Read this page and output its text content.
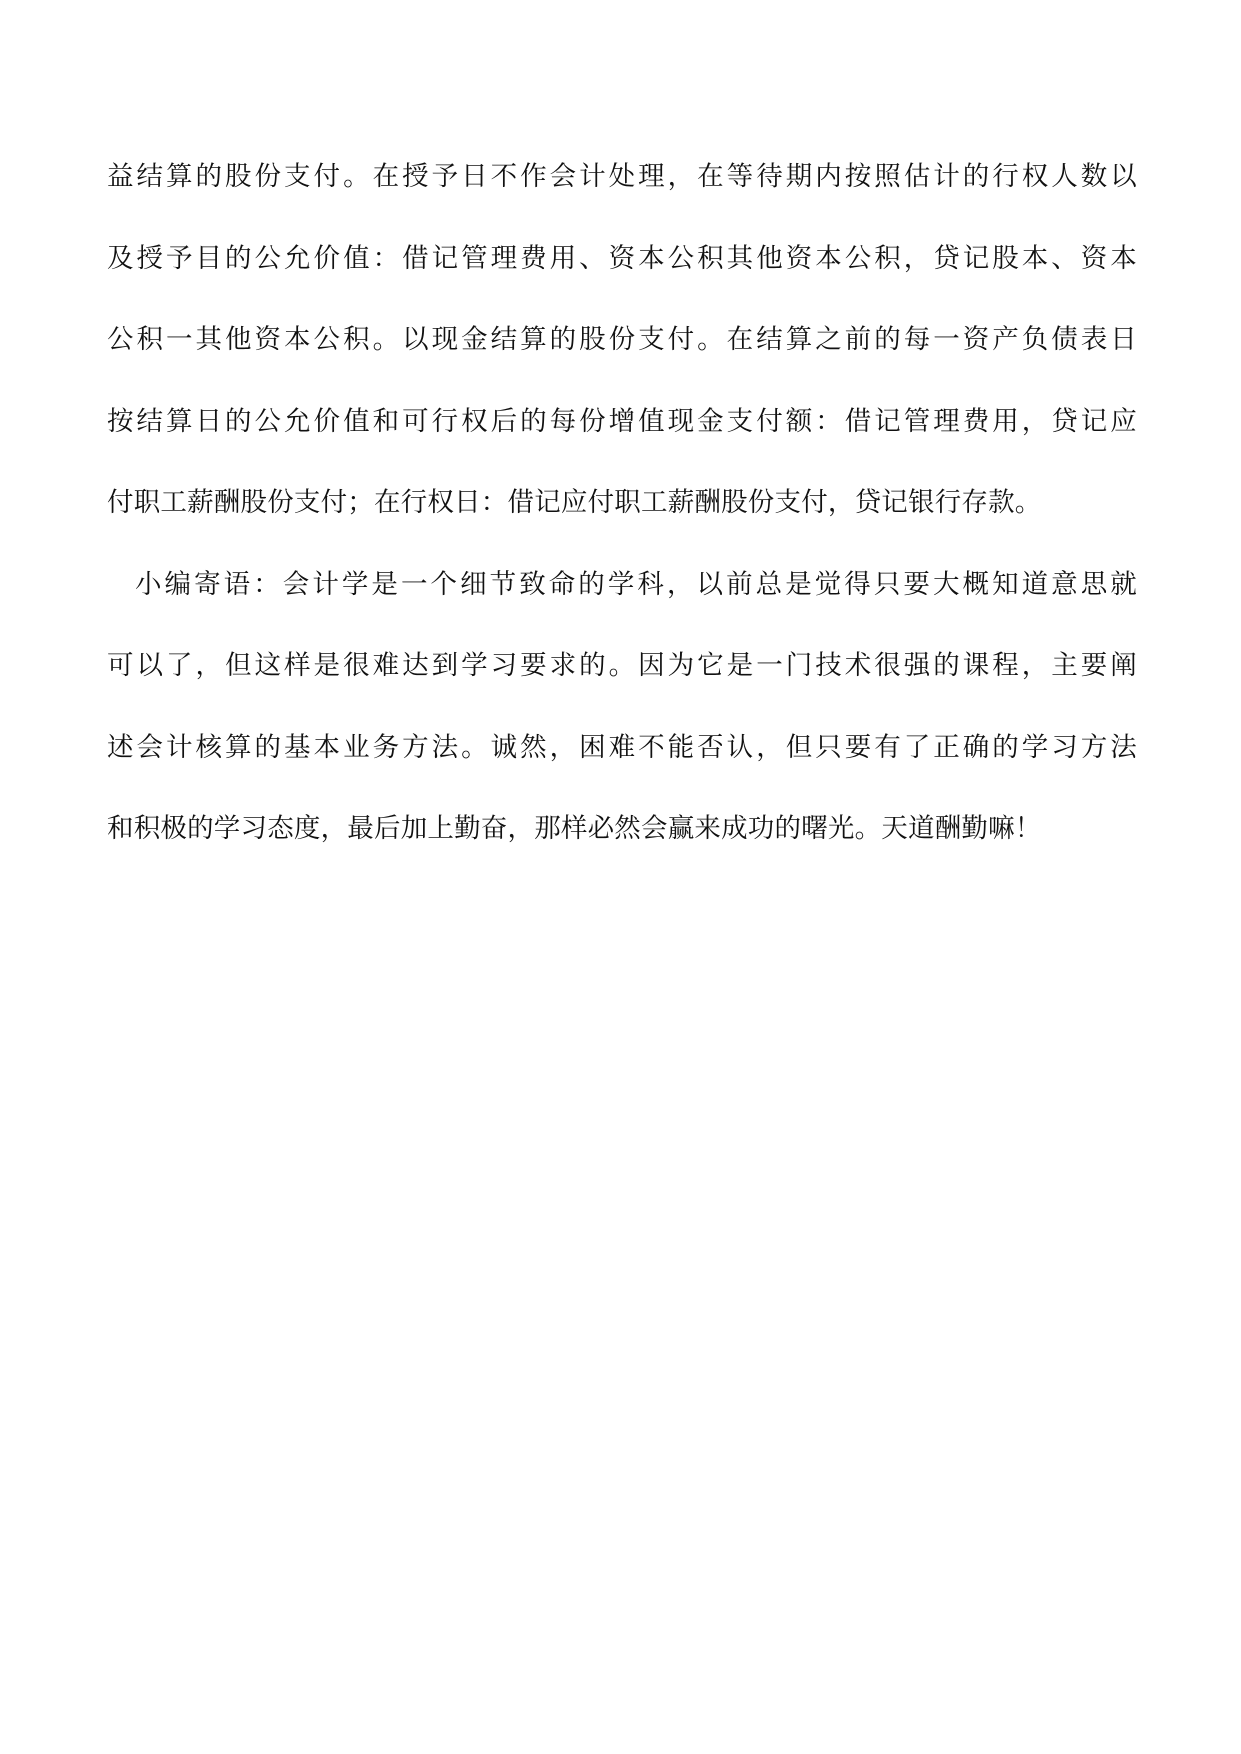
益结算的股份支付。在授予日不作会计处理，在等待期内按照估计的行权人数以
及授予目的公允价值：借记管理费用、资本公积其他资本公积，贷记股本、资本
公积一其他资本公积。以现金结算的股份支付。在结算之前的每一资产负债表日
按结算日的公允价值和可行权后的每份增值现金支付额：借记管理费用，贷记应
付职工薪酬股份支付；在行权日：借记应付职工薪酬股份支付，贷记银行存款。
小编寄语：会计学是一个细节致命的学科，以前总是觉得只要大概知道意思就
可以了，但这样是很难达到学习要求的。因为它是一门技术很强的课程，主要阐
述会计核算的基本业务方法。诚然，困难不能否认，但只要有了正确的学习方法
和积极的学习态度，最后加上勤奋，那样必然会赢来成功的曙光。天道酬勤嘛！
